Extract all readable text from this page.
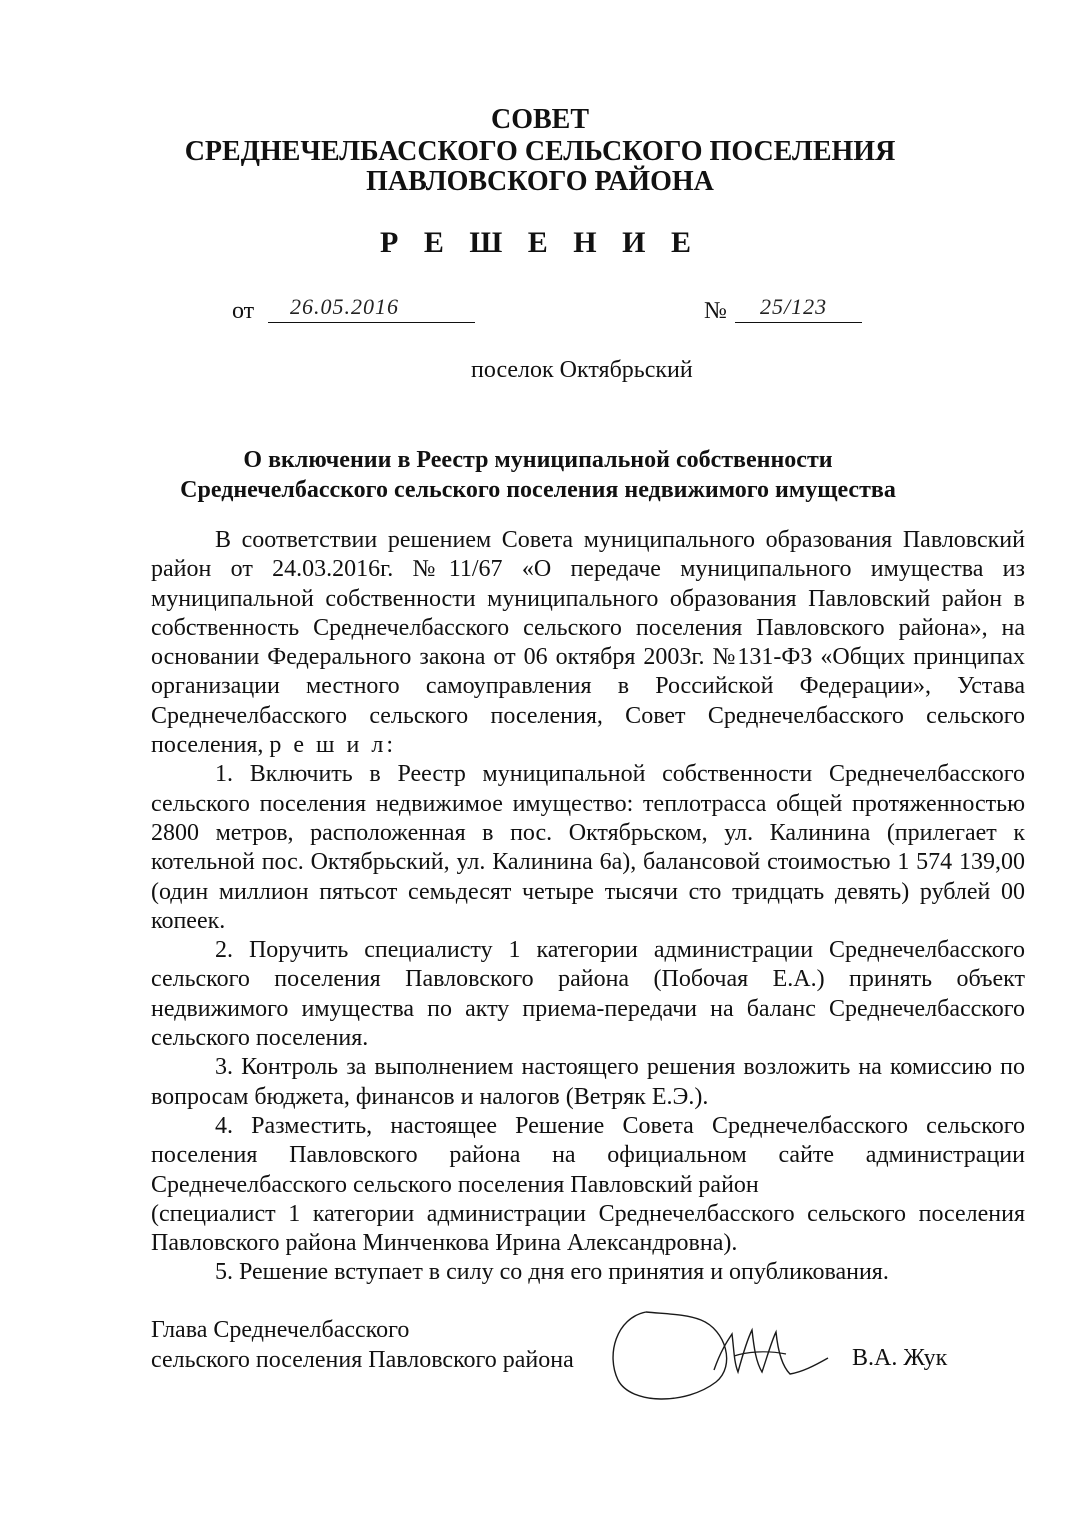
СОВЕТ
СРЕДНЕЧЕЛБАССКОГО СЕЛЬСКОГО ПОСЕЛЕНИЯ
ПАВЛОВСКОГО РАЙОНА
Р Е Ш Е Н И Е
от 26.05.2016	№ 25/123
поселок Октябрьский
О включении в Реестр муниципальной собственности
Среднечелбасского сельского поселения недвижимого имущества

В соответствии решением Совета муниципального образования Павловский район от 24.03.2016г. №11/67 «О передаче муниципального имущества из муниципальной собственности муниципального образования Павловский район в собственность Среднечелбасского сельского поселения Павловского района», на основании Федерального закона от 06 октября 2003г. №131-ФЗ «Общих принципах организации местного самоуправления в Российской Федерации», Устава Среднечелбасского сельского поселения, Совет Среднечелбасского сельского поселения, р е ш и л:

1. Включить в Реестр муниципальной собственности Среднечелбасского сельского поселения недвижимое имущество: теплотрасса общей протяженностью 2800 метров, расположенная в пос. Октябрьском, ул. Калинина (прилегает к котельной пос. Октябрьский, ул. Калинина 6а), балансовой стоимостью 1 574 139,00 (один миллион пятьсот семьдесят четыре тысячи сто тридцать девять) рублей 00 копеек.

2. Поручить специалисту 1 категории администрации Среднечелбасского сельского поселения Павловского района (Побочая Е.А.) принять объект недвижимого имущества по акту приема-передачи на баланс Среднечелбасского сельского поселения.

3. Контроль за выполнением настоящего решения возложить на комиссию по вопросам бюджета, финансов и налогов (Ветряк Е.Э.).

4. Разместить, настоящее Решение Совета Среднечелбасского сельского поселения Павловского района на официальном сайте администрации Среднечелбасского сельского поселения Павловский район

(специалист 1 категории администрации Среднечелбасского сельского поселения Павловского района Минченкова Ирина Александровна).

5. Решение вступает в силу со дня его принятия и опубликования.

Глава Среднечелбасского
сельского поселения Павловского района	В.А. Жук
